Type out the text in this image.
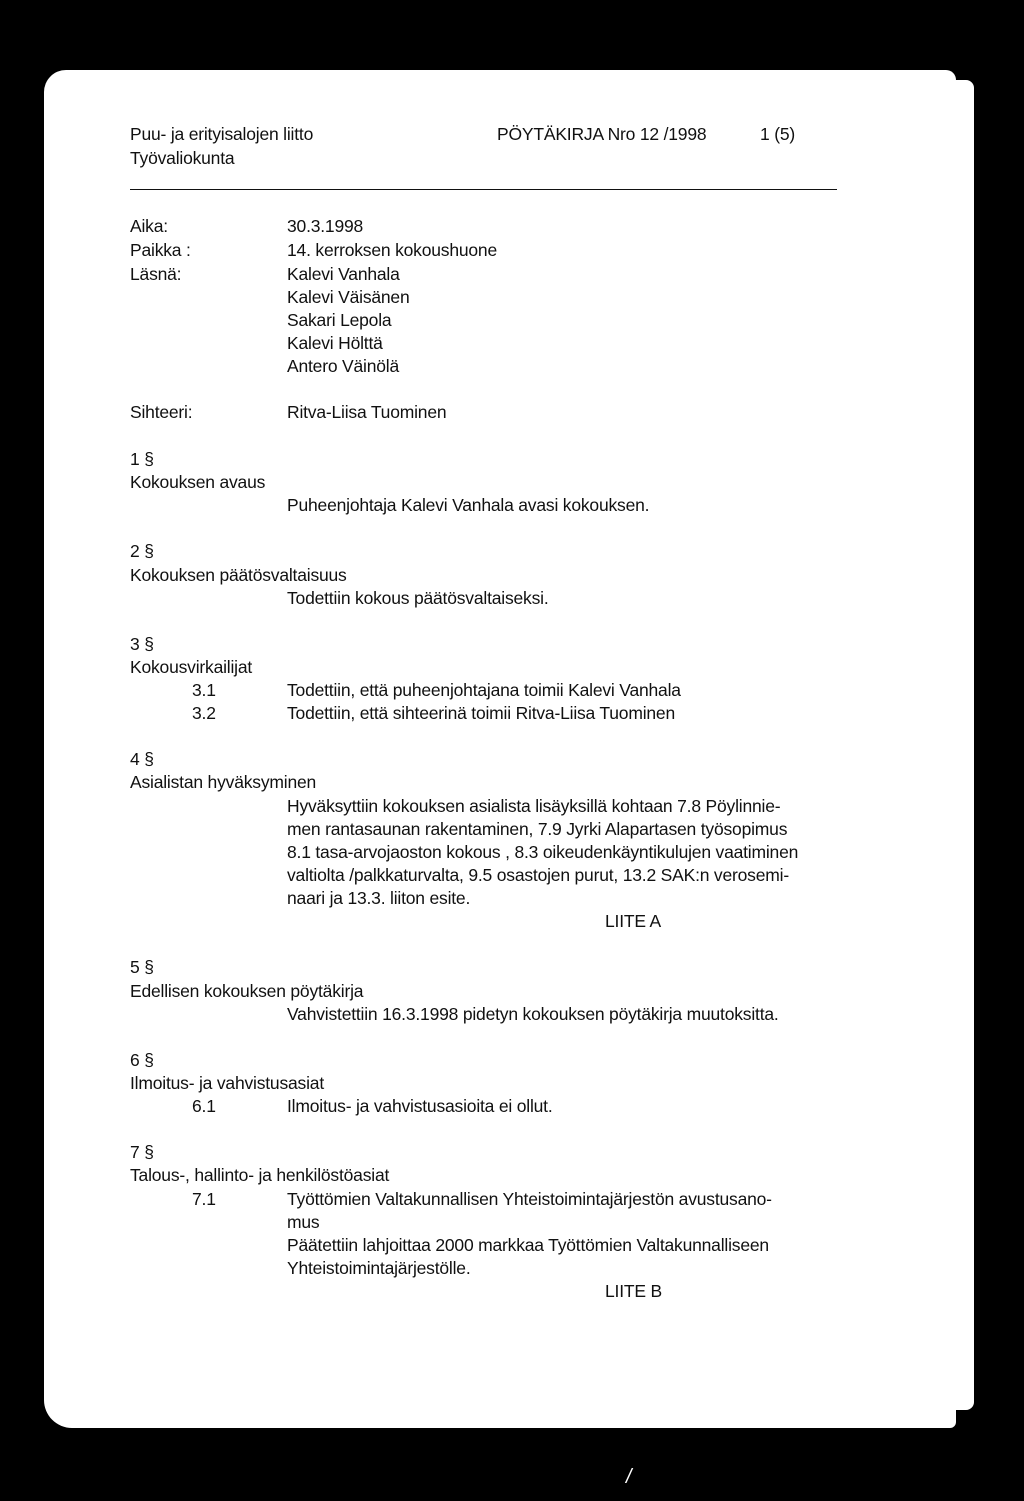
Puu- ja erityisalojen liitto
Työvaliokunta
PÖYTÄKIRJA Nro 12 /1998	1 (5)
Aika:	30.3.1998
Paikka :	14. kerroksen kokoushuone
Läsnä:	Kalevi Vanhala
Kalevi Väisänen
Sakari Lepola
Kalevi Hölttä
Antero Väinölä
Sihteeri:	Ritva-Liisa Tuominen
1 §
Kokouksen avaus
Puheenjohtaja Kalevi Vanhala avasi kokouksen.
2 §
Kokouksen päätösvaltaisuus
Todettiin kokous päätösvaltaiseksi.
3 §
Kokousvirkailijat
3.1	Todettiin, että puheenjohtajana toimii Kalevi Vanhala
3.2	Todettiin, että sihteerinä toimii Ritva-Liisa Tuominen
4 §
Asialistan hyväksyminen
Hyväksyttiin kokouksen asialista lisäyksillä kohtaan 7.8 Pöylinnie-
men rantasaunan rakentaminen, 7.9 Jyrki Alapartasen työsopimus
8.1 tasa-arvojaoston kokous , 8.3 oikeudenkäyntikulujen vaatiminen
valtiolta /palkkaturvalta, 9.5 osastojen purut, 13.2 SAK:n verosemi-
naari ja 13.3. liiton esite.
LIITE A
5 §
Edellisen kokouksen pöytäkirja
Vahvistettiin 16.3.1998 pidetyn kokouksen pöytäkirja muutoksitta.
6 §
Ilmoitus- ja vahvistusasiat
6.1	Ilmoitus- ja vahvistusasioita ei ollut.
7 §
Talous-, hallinto- ja henkilöstöasiat
7.1	Työttömien Valtakunnallisen Yhteistoimintajärjestön avustusano-
mus
Päätettiin lahjoittaa 2000 markkaa Työttömien Valtakunnalliseen
Yhteistoimintajärjestölle.
LIITE B
/
